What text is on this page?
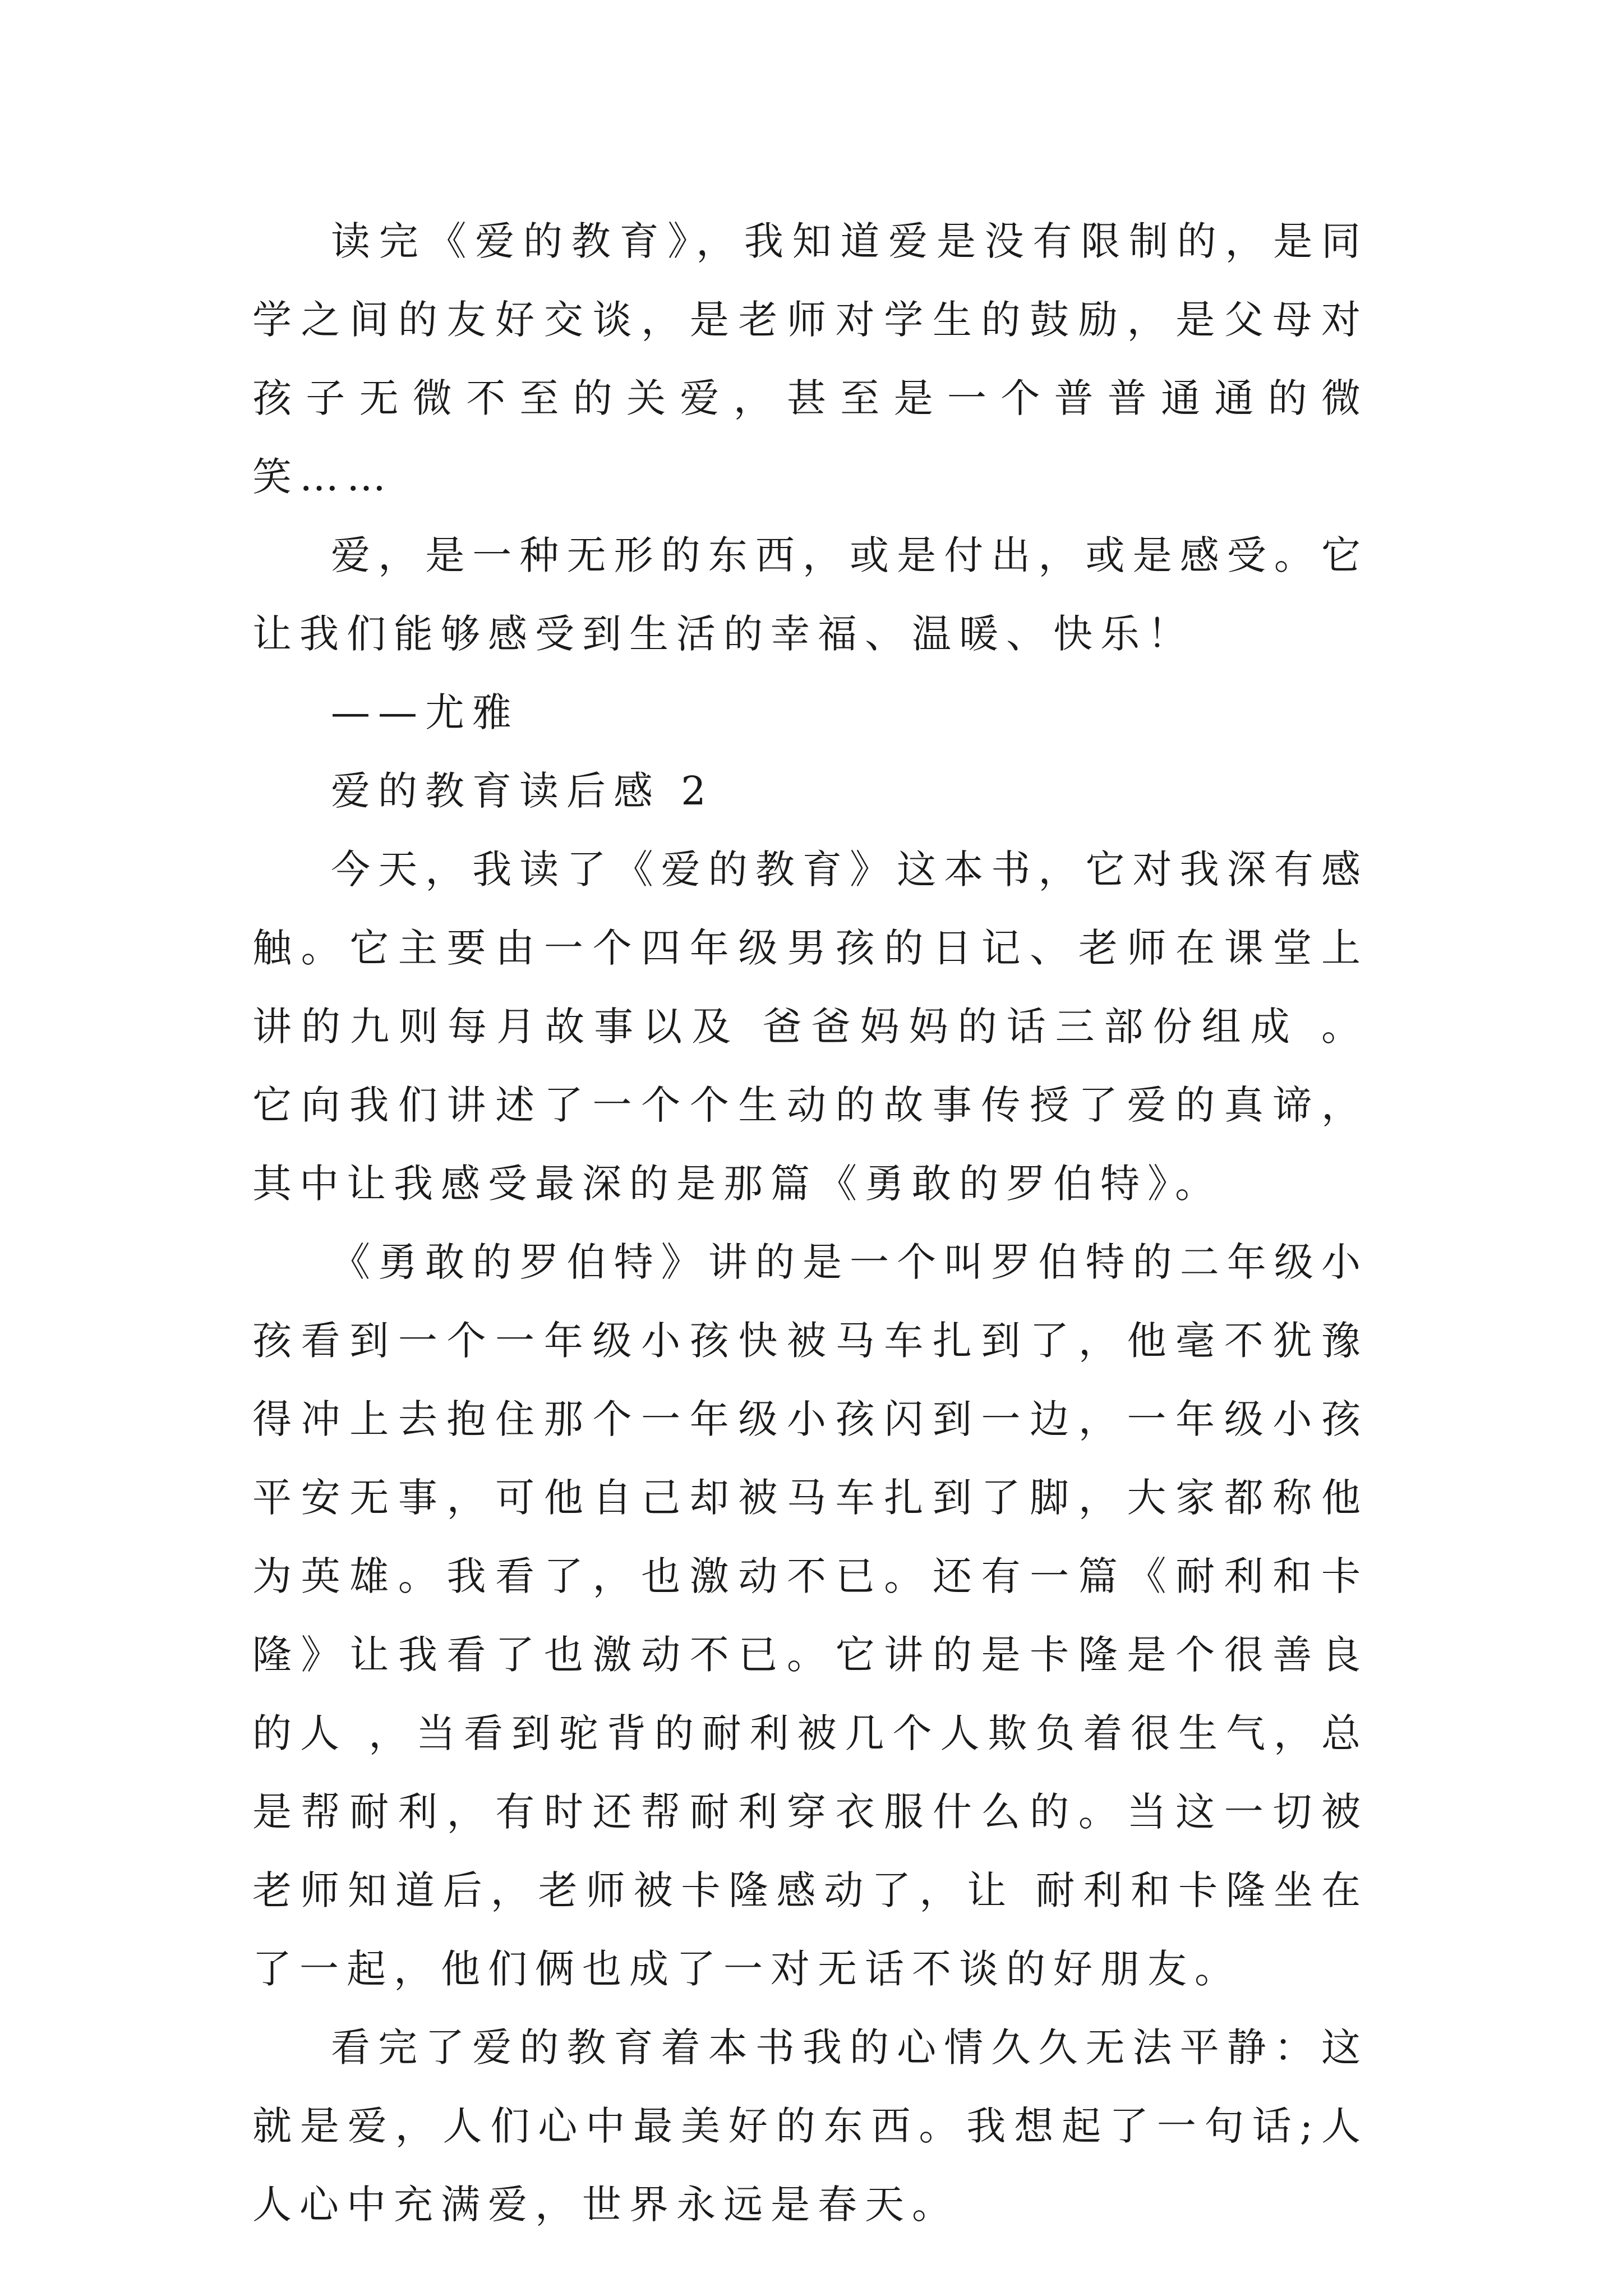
读完《爱的教育》，我知道爱是没有限制的，是同学之间的友好交谈，是老师对学生的鼓励，是父母对孩子无微不至的关爱，甚至是一个普普通通的微笑……

爱，是一种无形的东西，或是付出，或是感受。它让我们能够感受到生活的幸福、温暖、快乐！

——尤雅

爱的教育读后感 2

今天，我读了《爱的教育》这本书，它对我深有感触。它主要由一个四年级男孩的日记、老师在课堂上讲的九则每月故事以及 爸爸妈妈的话三部份组成 。它向我们讲述了一个个生动的故事传授了爱的真谛，其中让我感受最深的是那篇《勇敢的罗伯特》。

《勇敢的罗伯特》讲的是一个叫罗伯特的二年级小孩看到一个一年级小孩快被马车扎到了，他毫不犹豫得冲上去抱住那个一年级小孩闪到一边，一年级小孩平安无事，可他自己却被马车扎到了脚，大家都称他为英雄。我看了，也激动不已。还有一篇《耐利和卡隆》让我看了也激动不已。它讲的是卡隆是个很善良的人 ，当看到驼背的耐利被几个人欺负着很生气，总是帮耐利，有时还帮耐利穿衣服什么的。当这一切被老师知道后，老师被卡隆感动了，让 耐利和卡隆坐在了一起，他们俩也成了一对无话不谈的好朋友。

看完了爱的教育着本书我的心情久久无法平静：这就是爱，人们心中最美好的东西。我想起了一句话;人人心中充满爱，世界永远是春天。
